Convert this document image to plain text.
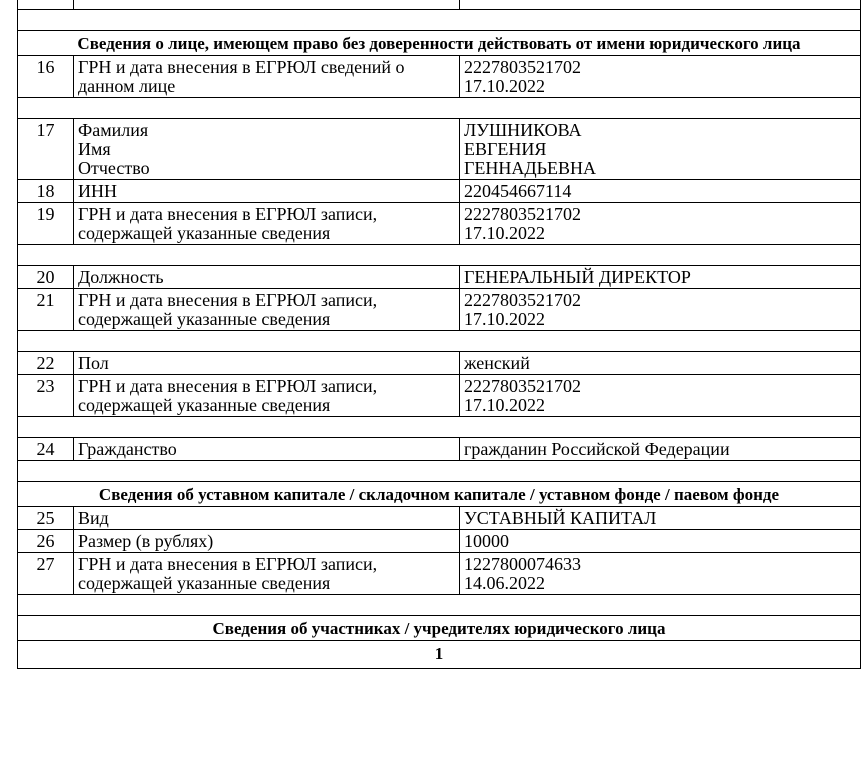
Сведения о лице, имеющем право без доверенности действовать от имени юридического лица		
16	ГРН и дата внесения в ЕГРЮЛ сведений о
данном лице	2227803521702
17.10.2022

17	Фамилия
Имя
Отчество	ЛУШНИКОВА
ЕВГЕНИЯ
ГЕННАДЬЕВНА

18	ИНН	220454667114

19	ГРН и дата внесения в ЕГРЮЛ записи,
содержащей указанные сведения	2227803521702
17.10.2022

20	Должность	ГЕНЕРАЛЬНЫЙ ДИРЕКТОР

21	ГРН и дата внесения в ЕГРЮЛ записи,
содержащей указанные сведения	2227803521702
17.10.2022

22	Пол	женский

23	ГРН и дата внесения в ЕГРЮЛ записи,
содержащей указанные сведения	2227803521702
17.10.2022

24	Гражданство	гражданин Российской Федерации

Сведения об уставном капитале / складочном капитале / уставном фонде / паевом фонде		
25	Вид	УСТАВНЫЙ КАПИТАЛ

26	Размер (в рублях)	10000

27	ГРН и дата внесения в ЕГРЮЛ записи,
содержащей указанные сведения	1227800074633
14.06.2022

Сведения об участниках / учредителях юридического лица		
1		
